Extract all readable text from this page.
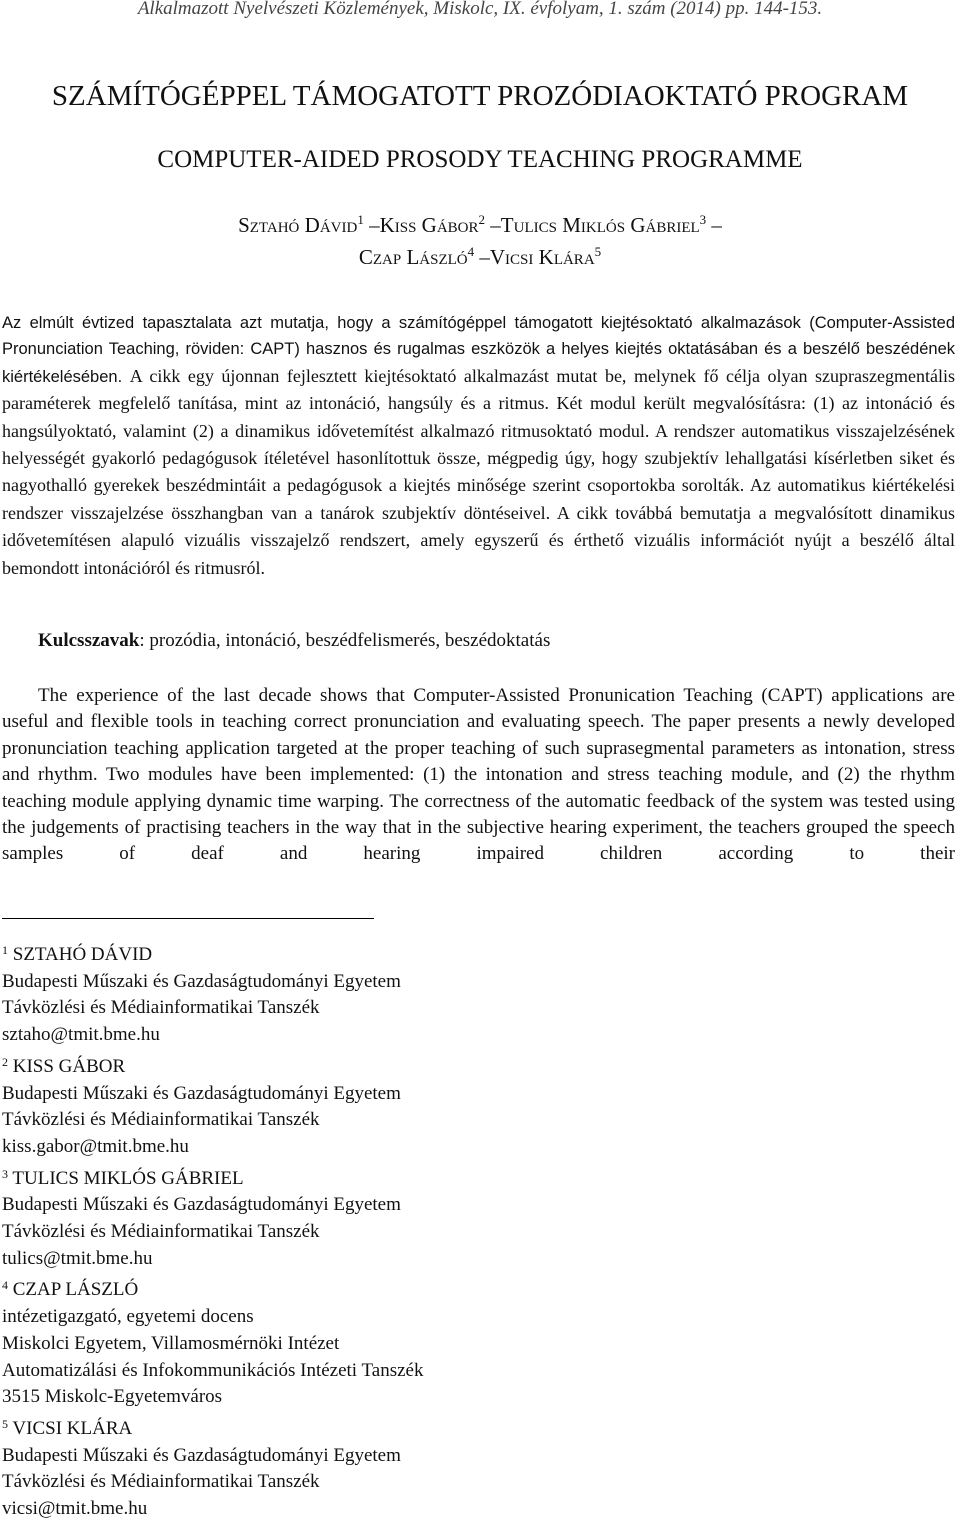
Alkalmazott Nyelvészeti Közlemények, Miskolc, IX. évfolyam, 1. szám (2014) pp. 144-153.
SZÁMÍTÓGÉPPEL TÁMOGATOTT PROZÓDIAOKTATÓ PROGRAM
COMPUTER-AIDED PROSODY TEACHING PROGRAMME
SZTAHÓ DÁVID$^1$ –KISS GÁBOR$^2$ –TULICS MIKLÓS GÁBRIEL$^3$ –
CZAP LÁSZLÓ$^4$ –VICSI KLÁRA$^5$

Az elmúlt évtized tapasztalata azt mutatja, hogy a számítógéppel támogatott kiejtésoktató alkalmazások (Computer-Assisted Pronunciation Teaching, röviden: CAPT) hasznos és rugalmas eszközök a helyes kiejtés oktatásában és a beszélő beszédének kiértékelésében. A cikk egy újonnan fejlesztett kiejtésoktató alkalmazást mutat be, melynek fő célja olyan szupraszegmentális paraméterek megfelelő tanítása, mint az intonáció, hangsúly és a ritmus. Két modul került megvalósításra: (1) az intonáció és hangsúlyoktató, valamint (2) a dinamikus idővetemítést alkalmazó ritmusoktató modul. A rendszer automatikus visszajelzésének helyességét gyakorló pedagógusok ítéletével hasonlítottuk össze, mégpedig úgy, hogy szubjektív lehallgatási kísérletben siket és nagyothalló gyerekek beszédmintáit a pedagógusok a kiejtés minősége szerint csoportokba sorolták. Az automatikus kiértékelési rendszer visszajelzése összhangban van a tanárok szubjektív döntéseivel. A cikk továbbá bemutatja a megvalósított dinamikus idővetemítésen alapuló vizuális visszajelző rendszert, amely egyszerű és érthető vizuális információt nyújt a beszélő által bemondott intonációról és ritmusról.

Kulcsszavak: prozódia, intonáció, beszédfelismerés, beszédoktatás
The experience of the last decade shows that Computer-Assisted Pronunication Teaching (CAPT) applications are useful and flexible tools in teaching correct pronunciation and evaluating speech. The paper presents a newly developed pronunciation teaching application targeted at the proper teaching of such suprasegmental parameters as intonation, stress and rhythm. Two modules have been implemented: (1) the intonation and stress teaching module, and (2) the rhythm teaching module applying dynamic time warping. The correctness of the automatic feedback of the system was tested using the judgements of practising teachers in the way that in the subjective hearing experiment, the teachers grouped the speech samples of deaf and hearing impaired children according to their
$^1$ SZTAHÓ DÁVID
Budapesti Műszaki és Gazdaságtudományi Egyetem
Távközlési és Médiainformatikai Tanszék
sztaho@tmit.bme.hu
$^2$ KISS GÁBOR
Budapesti Műszaki és Gazdaságtudományi Egyetem
Távközlési és Médiainformatikai Tanszék
kiss.gabor@tmit.bme.hu
$^3$ TULICS MIKLÓS GÁBRIEL
Budapesti Műszaki és Gazdaságtudományi Egyetem
Távközlési és Médiainformatikai Tanszék
tulics@tmit.bme.hu
$^4$ CZAP LÁSZLÓ
intézetigazgató, egyetemi docens
Miskolci Egyetem, Villamosmérnöki Intézet
Automatizálási és Infokommunikációs Intézeti Tanszék
3515 Miskolc-Egyetemváros
$^5$ VICSI KLÁRA
Budapesti Műszaki és Gazdaságtudományi Egyetem
Távközlési és Médiainformatikai Tanszék
vicsi@tmit.bme.hu
